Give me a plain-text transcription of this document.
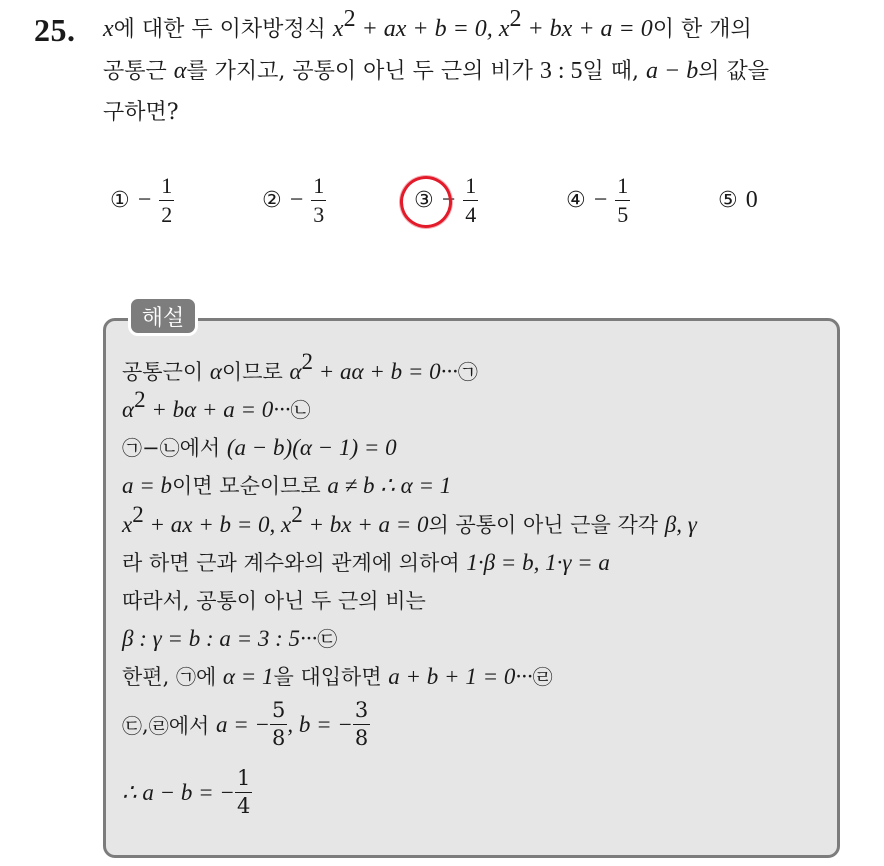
25. x에 대한 두 이차방정식 $x^2$ + ax + b = 0, $x^2$ + bx + a = 0이 한 개의
공통근 α를 가지고, 공통이 아닌 두 근의 비가 3 : 5일 때, a − b의 값을
구하면?
① − $\frac{1}{2}$	② − $\frac{1}{3}$	③ − $\frac{1}{4}$	④ − $\frac{1}{5}$	⑤ 0
해설
공통근이 α이므로 $\alpha^2 + a\alpha + b$ = 0···㉠
$\alpha^2 + b\alpha + a$ = 0···㉡
㉠−㉡에서 (a − b)(α − 1) = 0
a = b이면 모순이므로 a ≠ b ∴ α = 1
$x^2$ + ax + b = 0, $x^2$ + bx + a = 0의 공통이 아닌 근을 각각 β, γ
라 하면 근과 계수와의 관계에 의하여 1·β = b, 1·γ = a
따라서, 공통이 아닌 두 근의 비는
β : γ = b : a = 3 : 5···㉢
한편, ㉠에 α = 1을 대입하면 a + b + 1 = 0···㉣
㉢ , ㉣ 에서
a = − $\frac{5}{8}$ , b = − $\frac{3}{8}$
∴ a − b = − $\frac{1}{4}$
